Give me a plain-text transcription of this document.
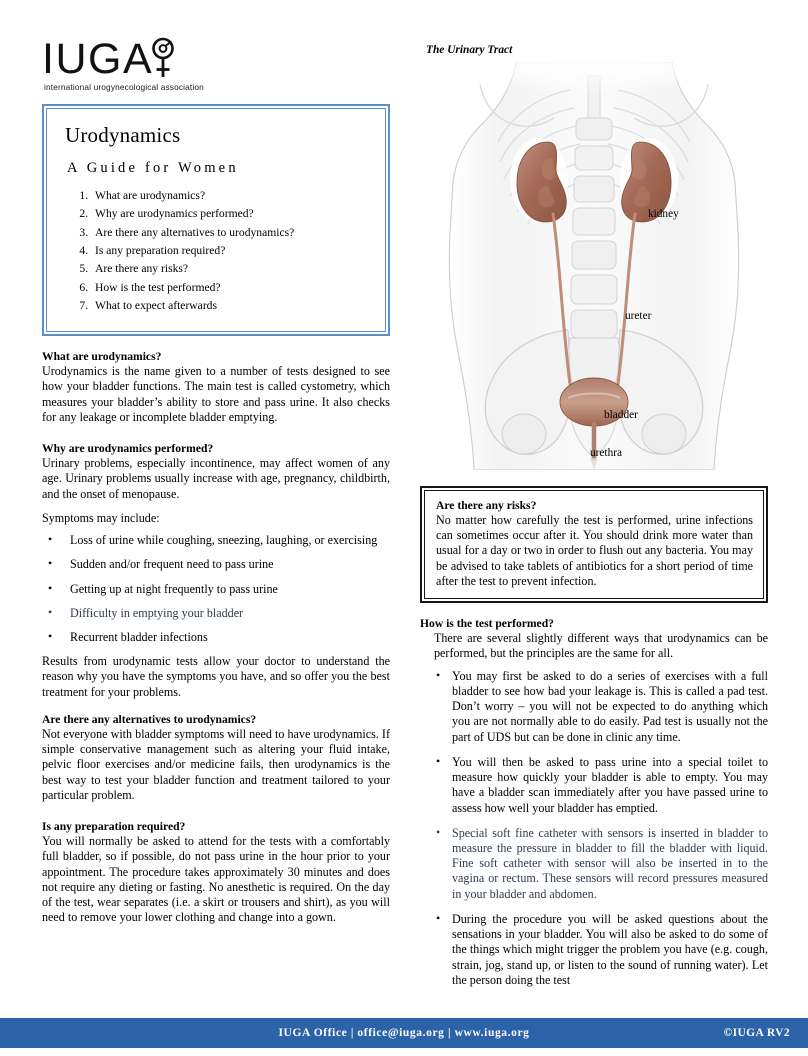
IUGA
international urogynecological association
Urodynamics
A Guide for Women
1. What are urodynamics?
2. Why are urodynamics performed?
3. Are there any alternatives to urodynamics?
4. Is any preparation required?
5. Are there any risks?
6. How is the test performed?
7. What to expect afterwards
What are urodynamics?

Urodynamics is the name given to a number of tests designed to see how your bladder functions. The main test is called cystometry, which measures your bladder’s ability to store and pass urine. It also checks for any leakage or incomplete bladder emptying.

Why are urodynamics performed?

Urinary problems, especially incontinence, may affect women of any age. Urinary problems usually increase with age, pregnancy, childbirth, and the onset of menopause.

Symptoms may include:

• Loss of urine while coughing, sneezing, laughing, or exercising
• Sudden and/or frequent need to pass urine
• Getting up at night frequently to pass urine
• Difficulty in emptying your bladder
• Recurrent bladder infections

Results from urodynamic tests allow your doctor to understand the reason why you have the symptoms you have, and so offer you the best treatment for your problems.

Are there any alternatives to urodynamics?

Not everyone with bladder symptoms will need to have urodynamics. If simple conservative management such as altering your fluid intake, pelvic floor exercises and/or medicine fails, then urodynamics is the best way to test your bladder function and treatment tailored to your particular problem.

Is any preparation required?

You will normally be asked to attend for the tests with a comfortably full bladder, so if possible, do not pass urine in the hour prior to your appointment. The procedure takes approximately 30 minutes and does not require any dieting or fasting. No anesthetic is required. On the day of the test, wear separates (i.e. a skirt or trousers and shirt), as you will need to remove your lower clothing and change into a gown.

The Urinary Tract
kidney
ureter
bladder
urethra
Are there any risks?

No matter how carefully the test is performed, urine infections can sometimes occur after it. You should drink more water than usual for a day or two in order to flush out any bacteria. You may be advised to take tablets of antibiotics for a short period of time after the test to prevent infection.

How is the test performed?

There are several slightly different ways that urodynamics can be performed, but the principles are the same for all.

• You may first be asked to do a series of exercises with a full bladder to see how bad your leakage is. This is called a pad test. Don’t worry – you will not be expected to do anything which you are not normally able to do easily. Pad test is usually not the part of UDS but can be done in clinic any time.
• You will then be asked to pass urine into a special toilet to measure how quickly your bladder is able to empty. You may have a bladder scan immediately after you have passed urine to assess how well your bladder has emptied.
• Special soft fine catheter with sensors is inserted in bladder to measure the pressure in bladder to fill the bladder with liquid. Fine soft catheter with sensor will also be inserted in to the vagina or rectum. These sensors will record pressures measured in your bladder and abdomen.
• During the procedure you will be asked questions about the sensations in your bladder. You will also be asked to do some of the things which might trigger the problem you have (e.g. cough, strain, jog, stand up, or listen to the sound of running water). Let the person doing the test
IUGA Office | office@iuga.org | www.iuga.org	©IUGA RV2
